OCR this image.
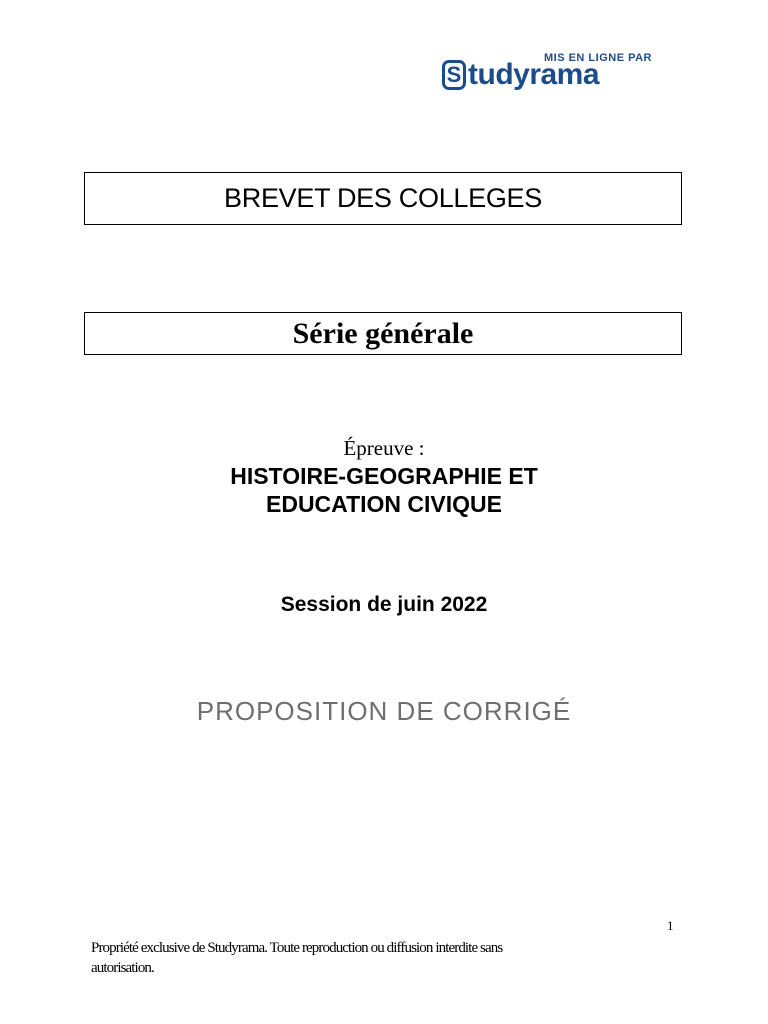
MIS EN LIGNE PAR
S tudyrama
BREVET DES COLLEGES
Série générale
Épreuve :
HISTOIRE-GEOGRAPHIE ET
EDUCATION CIVIQUE
Session de juin 2022
PROPOSITION DE CORRIGÉ
1
Propriété exclusive de Studyrama. Toute reproduction ou diffusion interdite sans
autorisation.
